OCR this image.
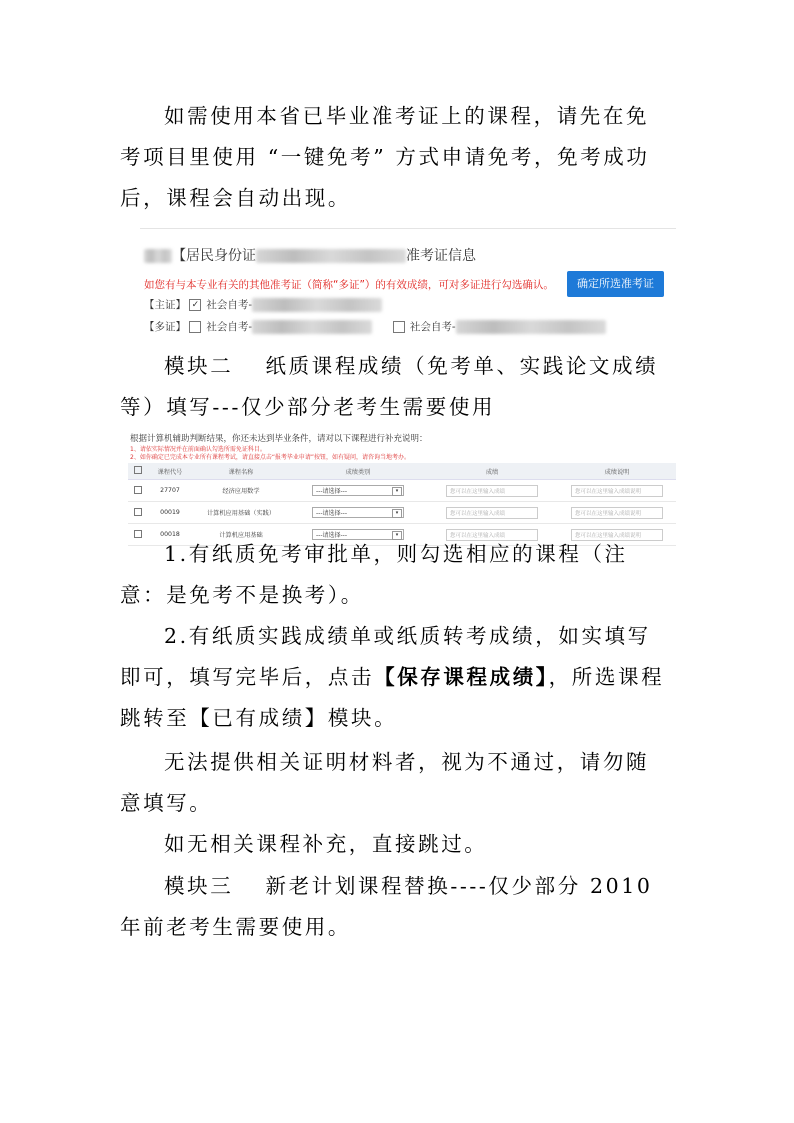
如需使用本省已毕业准考证上的课程，请先在免考项目里使用 “一键免考” 方式申请免考，免考成功后，课程会自动出现。

【居民身份证	准考证信息
如您有与本专业有关的其他准考证（简称“多证”）的有效成绩，可对多证进行勾选确认。	确定所选准考证
【主证】 ✓ 社会自考-
【多证】 社会自考-	社会自考-

模块二　 纸质课程成绩（免考单、实践论文成绩等）填写---仅少部分老考生需要使用

根据计算机辅助判断结果，你还未达到毕业条件，请对以下课程进行补充说明：
1、请依实际情况并在前面确认勾选所需免证科目。
2、如你确定已完成本专业所有课程考试，请直接点击“报考毕业申请”按钮，如有疑问，请咨询当地考办。
	课程代号	课程名称	成绩类别	成绩	成绩说明
	27707	经济应用数学	---请选择--- ▾	您可以在这里输入成绩	您可以在这里输入成绩说明
	00019	计算机应用基础（实践）	---请选择--- ▾	您可以在这里输入成绩	您可以在这里输入成绩说明
	00018	计算机应用基础	---请选择--- ▾	您可以在这里输入成绩	您可以在这里输入成绩说明

1.有纸质免考审批单，则勾选相应的课程（注意：是免考不是换考）。

2.有纸质实践成绩单或纸质转考成绩，如实填写即可，填写完毕后，点击【保存课程成绩】，所选课程跳转至【已有成绩】模块。

无法提供相关证明材料者，视为不通过，请勿随意填写。

如无相关课程补充，直接跳过。

模块三　 新老计划课程替换----仅少部分 2010 年前老考生需要使用。
